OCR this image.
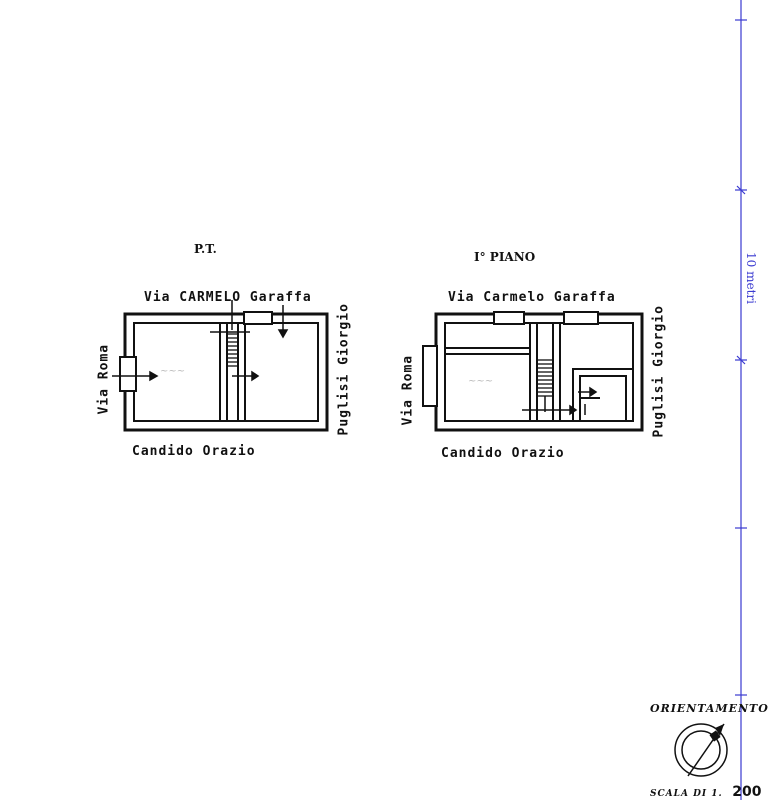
~~~
~~~
P.T.
Via CARMELO Garaffa
Via Roma	Puglisi Giorgio
Candido Orazio
I° PIANO
Via Carmelo Garaffa
Via Roma	Puglisi Giorgio
Candido Orazio
10 metri
ORIENTAMENTO
SCALA DI 1. 200
